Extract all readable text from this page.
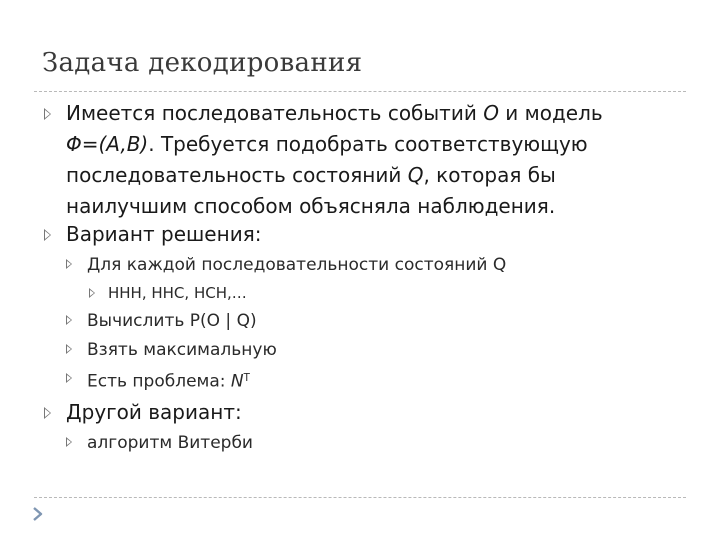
Задача декодирования
Имеется последовательность событий O и модель
Φ=(A,B). Требуется подобрать соответствующую
последовательность состояний Q, которая бы
наилучшим способом объясняла наблюдения.
Вариант решения:
Для каждой последовательности состояний Q
HHH, HHC, HCH,…
Вычислить P(O | Q)
Взять максимальную
Есть проблема: $N^T$
Другой вариант:
алгоритм Витерби
